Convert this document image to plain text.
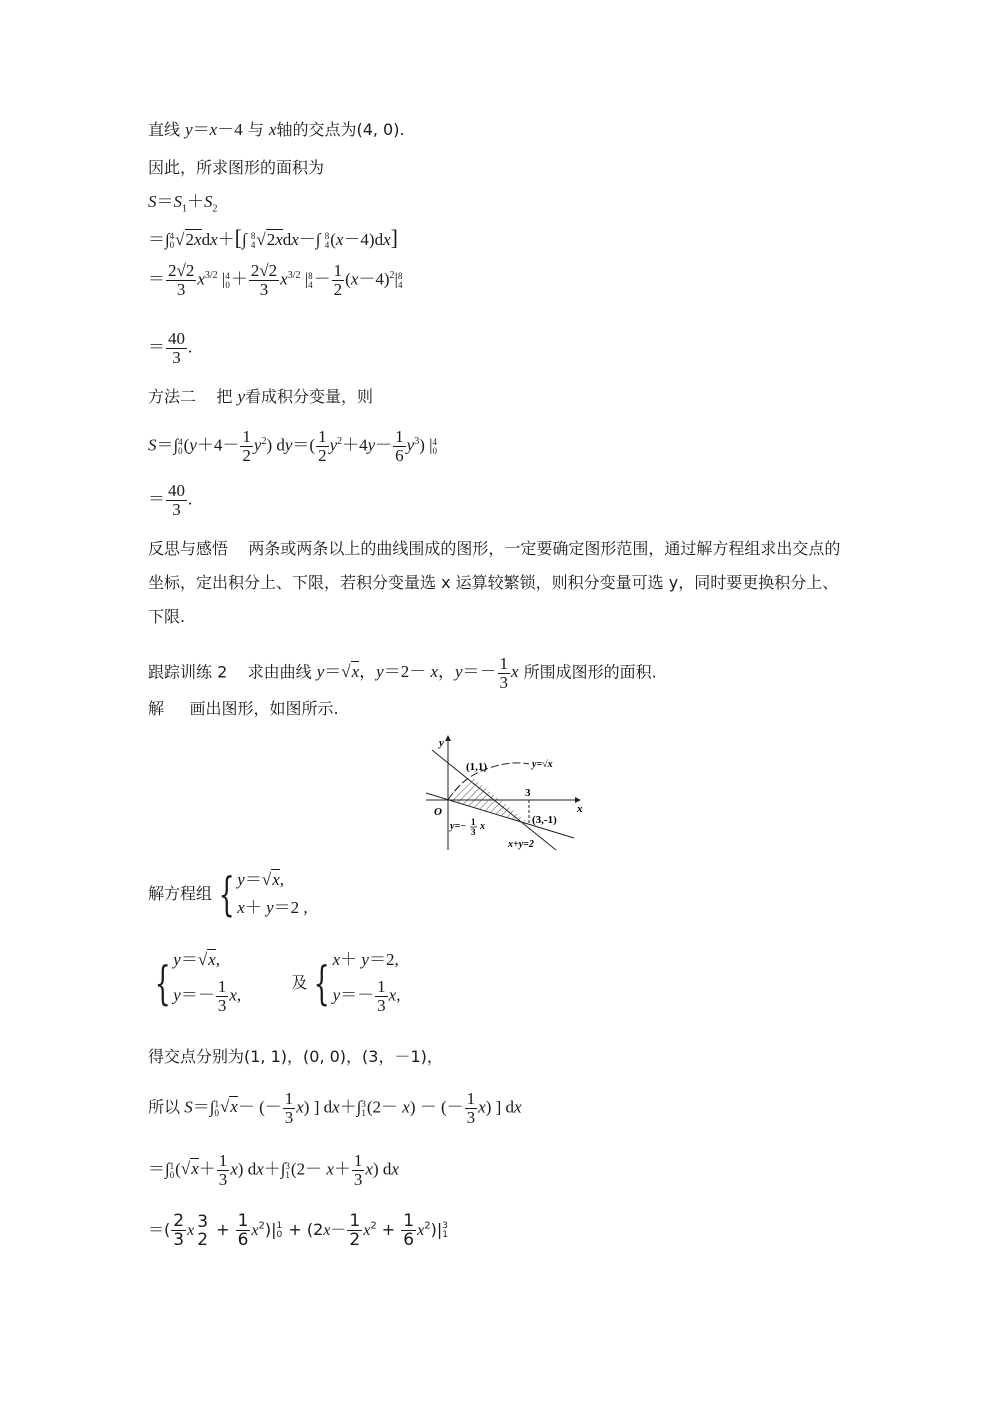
直线 y＝x－4 与 x轴的交点为(4, 0).
因此，所求图形的面积为
$S=S_1+S_2$
＝∫ 4
0 √2xdx＋[∫ 8
4 √2xdx－∫ 8
4 (x－4)dx]
＝ $\frac{2√2}{3} x^{3/2}$ | 4
$0 + \frac{2√2}{3} x^{3/2}$ | 8
$4 - \frac{1}{2} (x-4)^2|$ 8
4
＝ $\frac{40}{3}$ .
方法二 把 y看成积分变量，则
S＝∫ 4
0 $(y+4- \frac{1}{2} y^2)$ $dy=( \frac{1}{2} y^2+4y- \frac{1}{6} y^3)$ | 4
0
＝ $\frac{40}{3}$ .
反思与感悟 两条或两条以上的曲线围成的图形，一定要确定图形范围，通过解方程组求出交点的坐标，定出积分上、下限，若积分变量选 x 运算较繁锁，则积分变量可选 y，同时要更换积分上、下限.
跟踪训练 2 求由曲线 y＝√x，y＝2－ x，$y=- \frac{1}{3}$ x 所围成图形的面积.
解 画出图形，如图所示.
y
x
O
(1,1)	y=√x
3
(3,-1)
y=− 1
3 x
x+y=2
解方程组 { y＝√x,
x＋ y＝2 ,
{ y＝√x,
$y=- \frac{1}{3} x$,

及 { x＋ y＝2,
$y=- \frac{1}{3} x$,
得交点分别为(1, 1)，(0, 0)，(3，－1)，
所以 S＝∫ 1
0 √x－ (－ $\frac{1}{3} x$) ] dx＋∫ 3
1 (2－ x) － (－ $\frac{1}{3} x$) ] dx
＝∫ 1
0 $(√x+ \frac{1}{3} x)$ dx＋∫ 3
1 $(2- x+ \frac{1}{3} x)$ dx
＝( $\frac{2}{3}$ x 3
$2 + \frac{1}{6} x^2)|$ 1
$0 + (2x- \frac{1}{2} x^2 + \frac{1}{6} x^2)|$ 3
1
